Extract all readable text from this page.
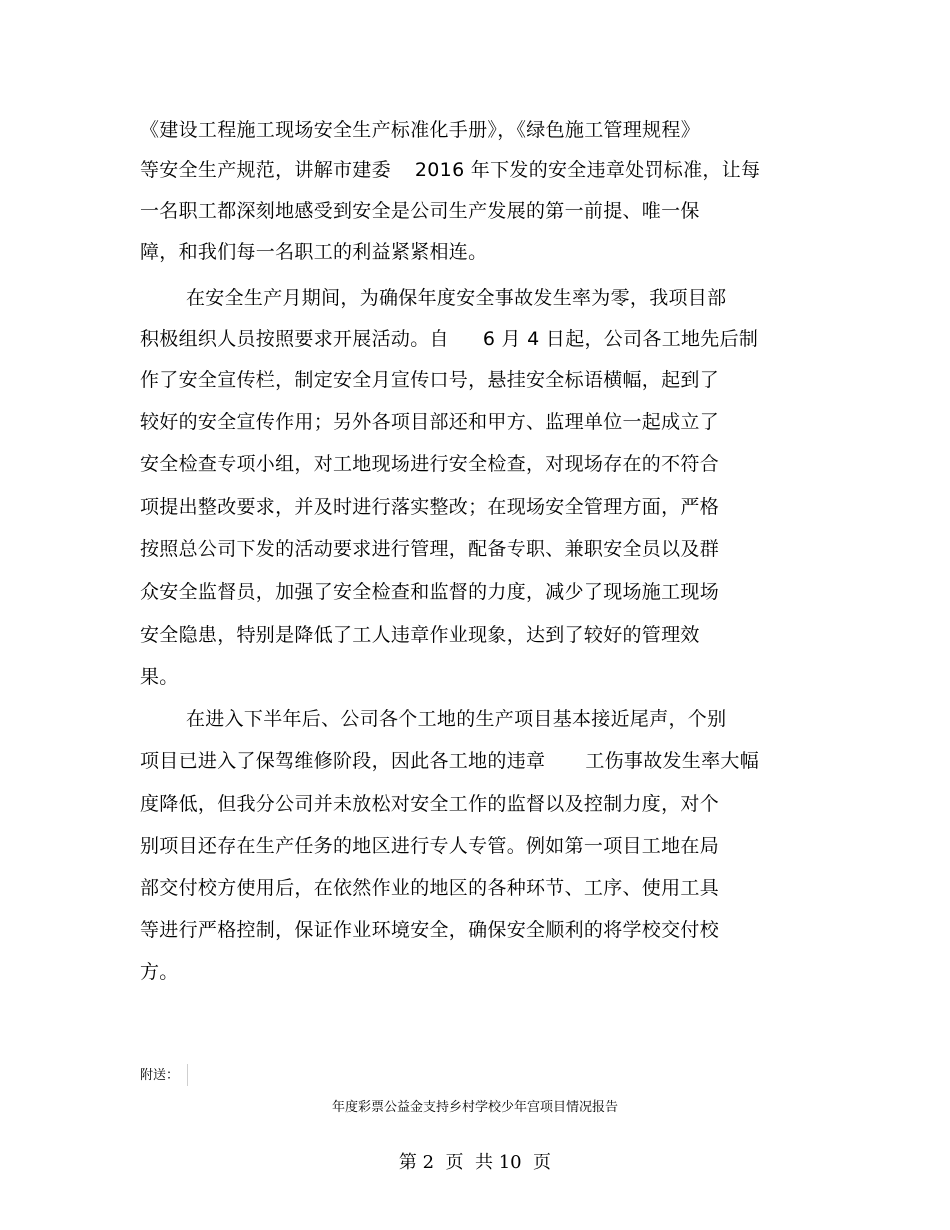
《建设工程施工现场安全生产标准化手册》，《绿色施工管理规程》
等安全生产规范，讲解市建委 2016 年下发的安全违章处罚标准，让每
一名职工都深刻地感受到安全是公司生产发展的第一前提、唯一保
障，和我们每一名职工的利益紧紧相连。
在安全生产月期间，为确保年度安全事故发生率为零，我项目部
积极组织人员按照要求开展活动。自 6 月 4 日起，公司各工地先后制
作了安全宣传栏，制定安全月宣传口号，悬挂安全标语横幅，起到了
较好的安全宣传作用；另外各项目部还和甲方、监理单位一起成立了
安全检查专项小组，对工地现场进行安全检查，对现场存在的不符合
项提出整改要求，并及时进行落实整改；在现场安全管理方面，严格
按照总公司下发的活动要求进行管理，配备专职、兼职安全员以及群
众安全监督员，加强了安全检查和监督的力度，减少了现场施工现场
安全隐患，特别是降低了工人违章作业现象，达到了较好的管理效
果。
在进入下半年后、公司各个工地的生产项目基本接近尾声，个别
项目已进入了保驾维修阶段，因此各工地的违章 工伤事故发生率大幅
度降低，但我分公司并未放松对安全工作的监督以及控制力度，对个
别项目还存在生产任务的地区进行专人专管。例如第一项目工地在局
部交付校方使用后，在依然作业的地区的各种环节、工序、使用工具
等进行严格控制，保证作业环境安全，确保安全顺利的将学校交付校
方。
附送：
年度彩票公益金支持乡村学校少年宫项目情况报告
第 2  页  共 10  页
